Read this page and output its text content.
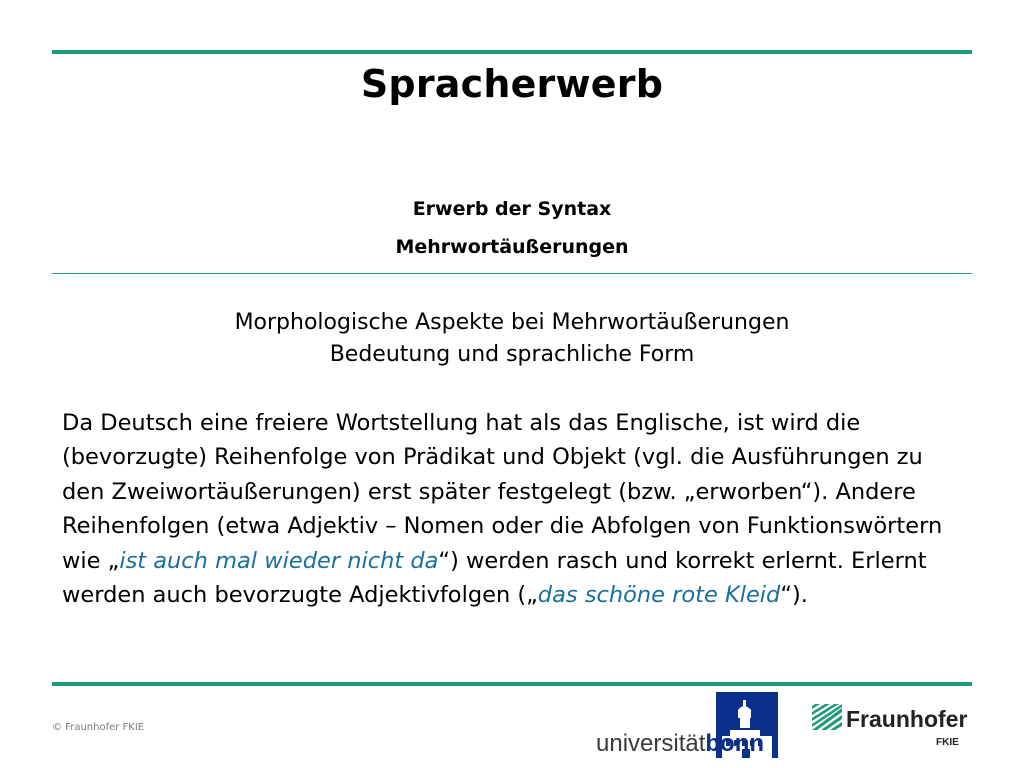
Spracherwerb
Erwerb der Syntax
Mehrwortäußerungen
Morphologische Aspekte bei Mehrwortäußerungen
Bedeutung und sprachliche Form

Da Deutsch eine freiere Wortstellung hat als das Englische, ist wird die (bevorzugte) Reihenfolge von Prädikat und Objekt (vgl. die Ausführungen zu den Zweiwortäußerungen) erst später festgelegt (bzw. „erworben“). Andere Reihenfolgen (etwa Adjektiv – Nomen oder die Abfolgen von Funktionswörtern wie „ist auch mal wieder nicht da“) werden rasch und korrekt erlernt. Erlernt werden auch bevorzugte Adjektivfolgen („das schöne rote Kleid“).

© Fraunhofer FKIE
universitätbonn
Fraunhofer
FKIE
